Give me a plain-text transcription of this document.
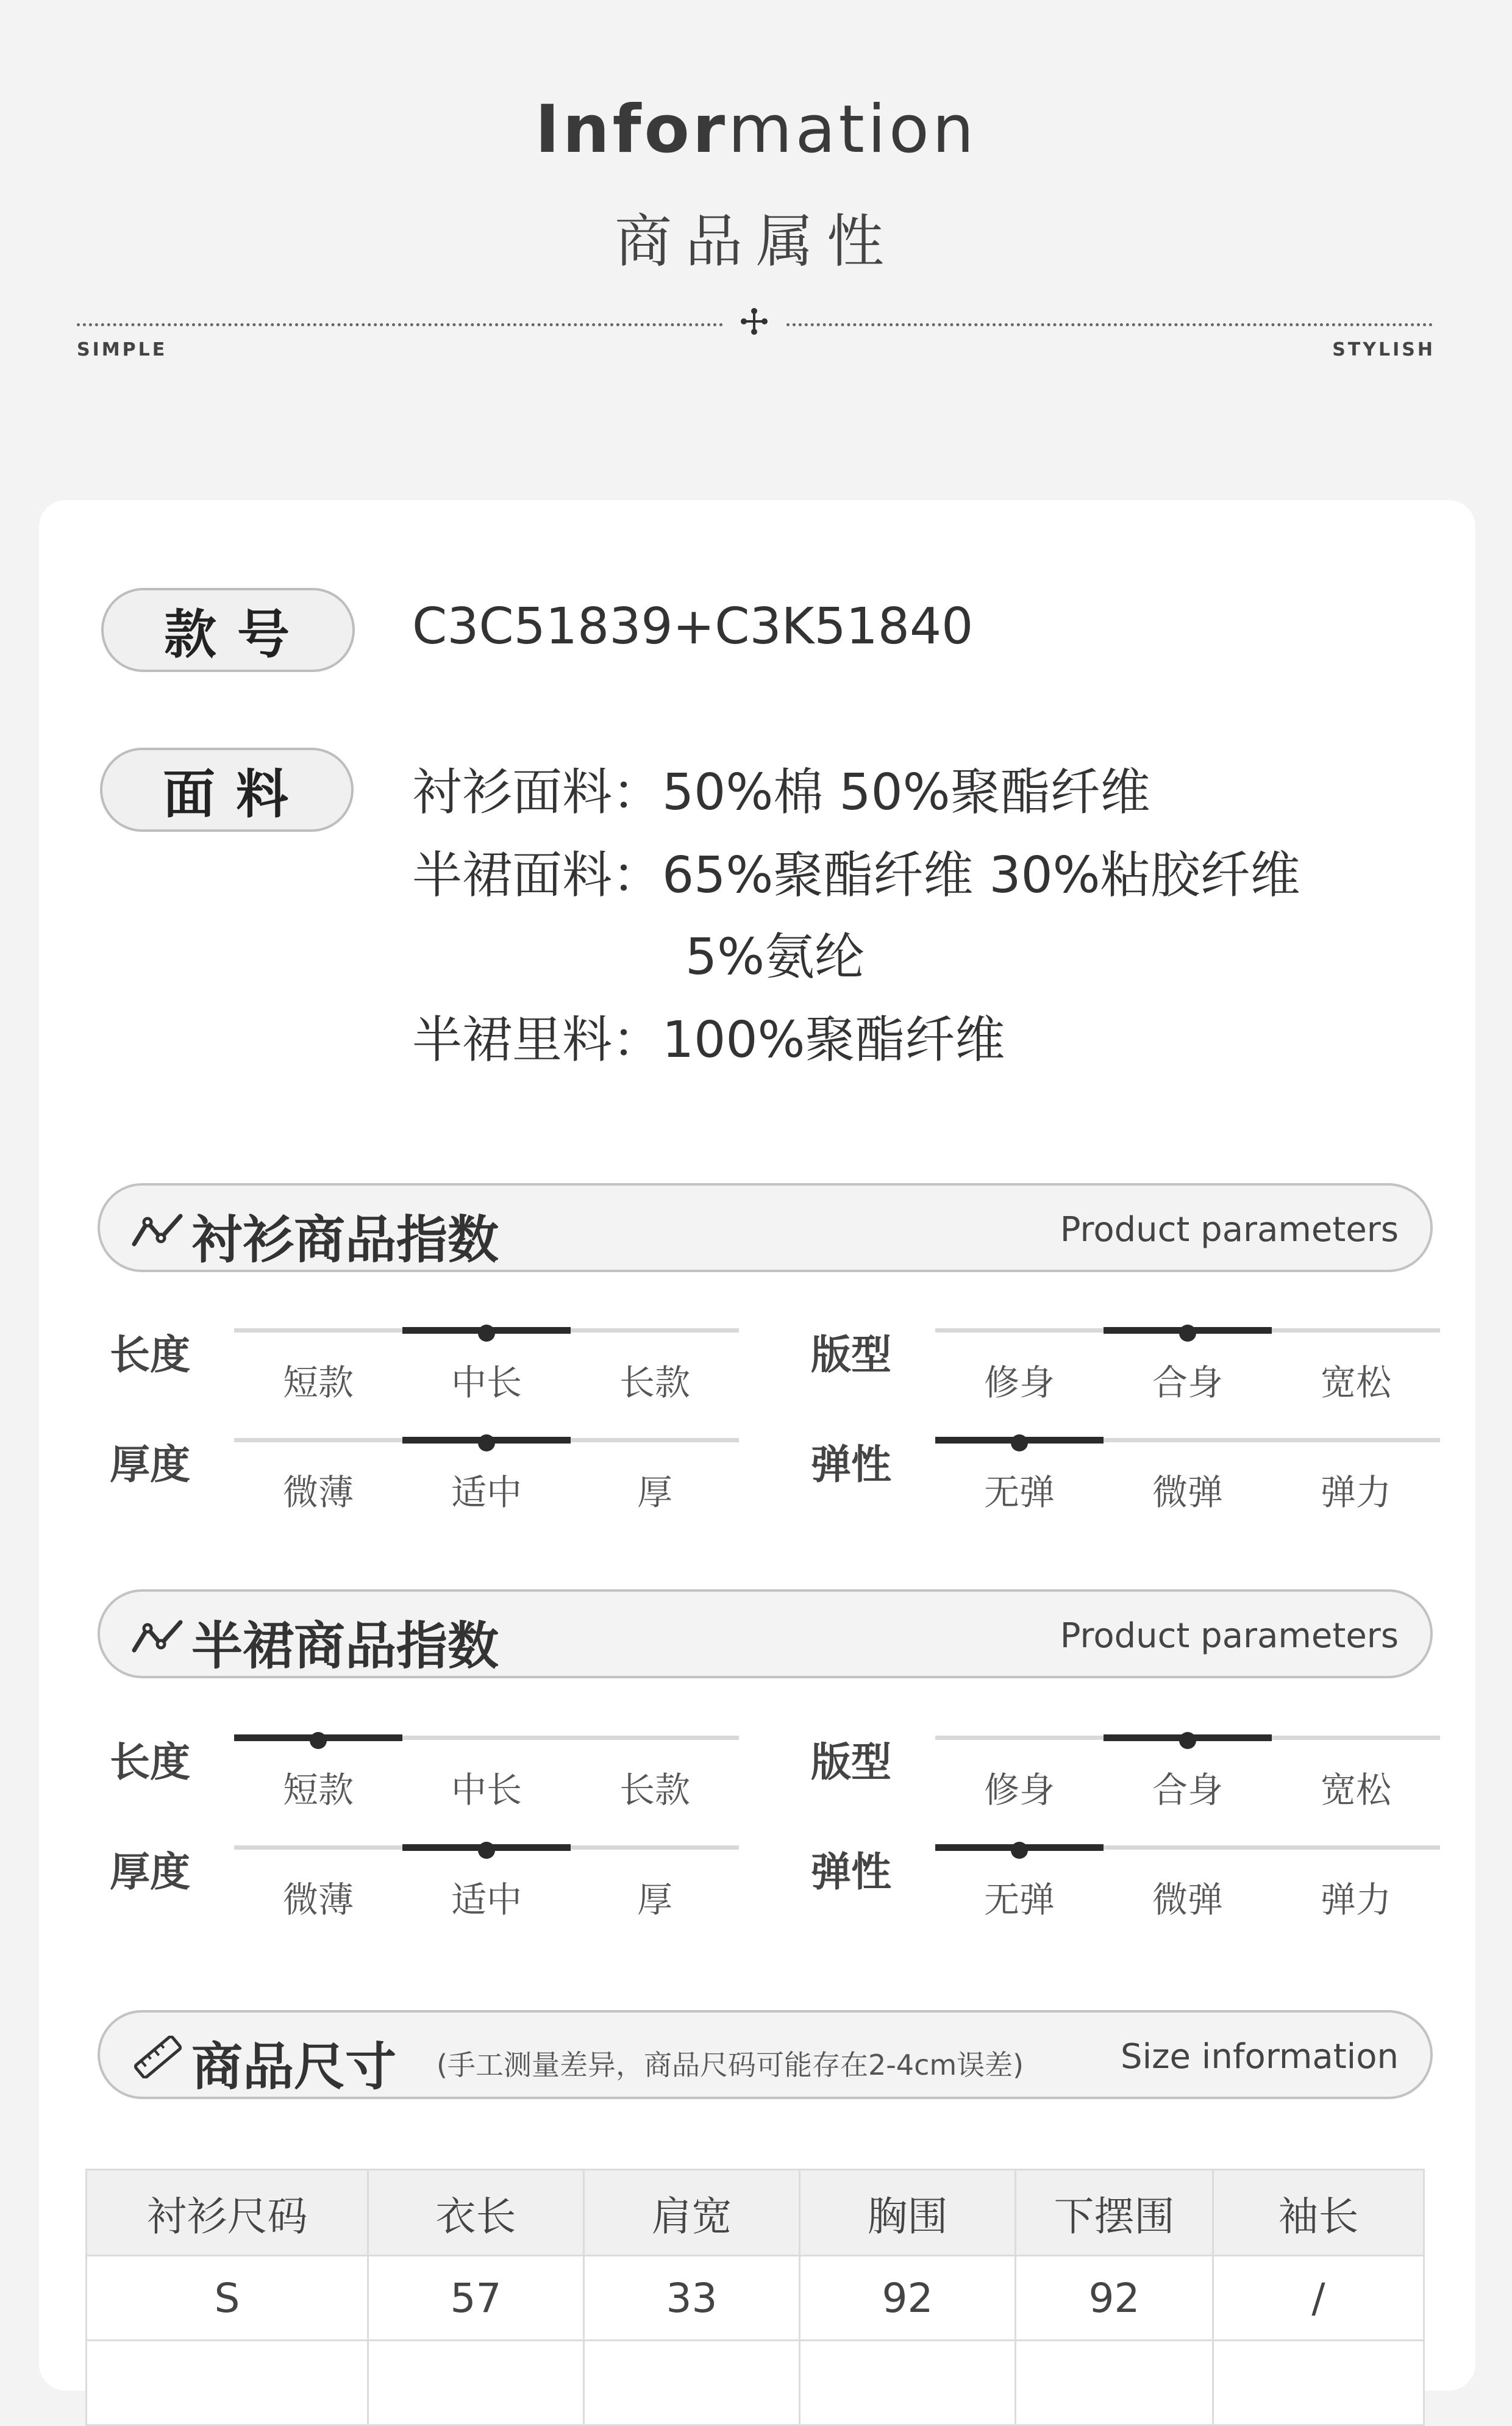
Information
商品属性
SIMPLE	STYLISH
款号	C3C51839+C3K51840
面料	衬衫面料：50%棉 50%聚酯纤维
半裙面料：65%聚酯纤维 30%粘胶纤维
5%氨纶
半裙里料：100%聚酯纤维
衬衫商品指数	Product parameters
长度
短款	中长	长款
版型
修身	合身	宽松
厚度
微薄	适中	厚
弹性
无弹	微弹	弹力
半裙商品指数	Product parameters
长度
短款	中长	长款
版型
修身	合身	宽松
厚度
微薄	适中	厚
弹性
无弹	微弹	弹力
商品尺寸 (手工测量差异，商品尺码可能存在2-4cm误差)	Size information
衬衫尺码	衣长	肩宽	胸围	下摆围	袖长
S	57	33	92	92	/
